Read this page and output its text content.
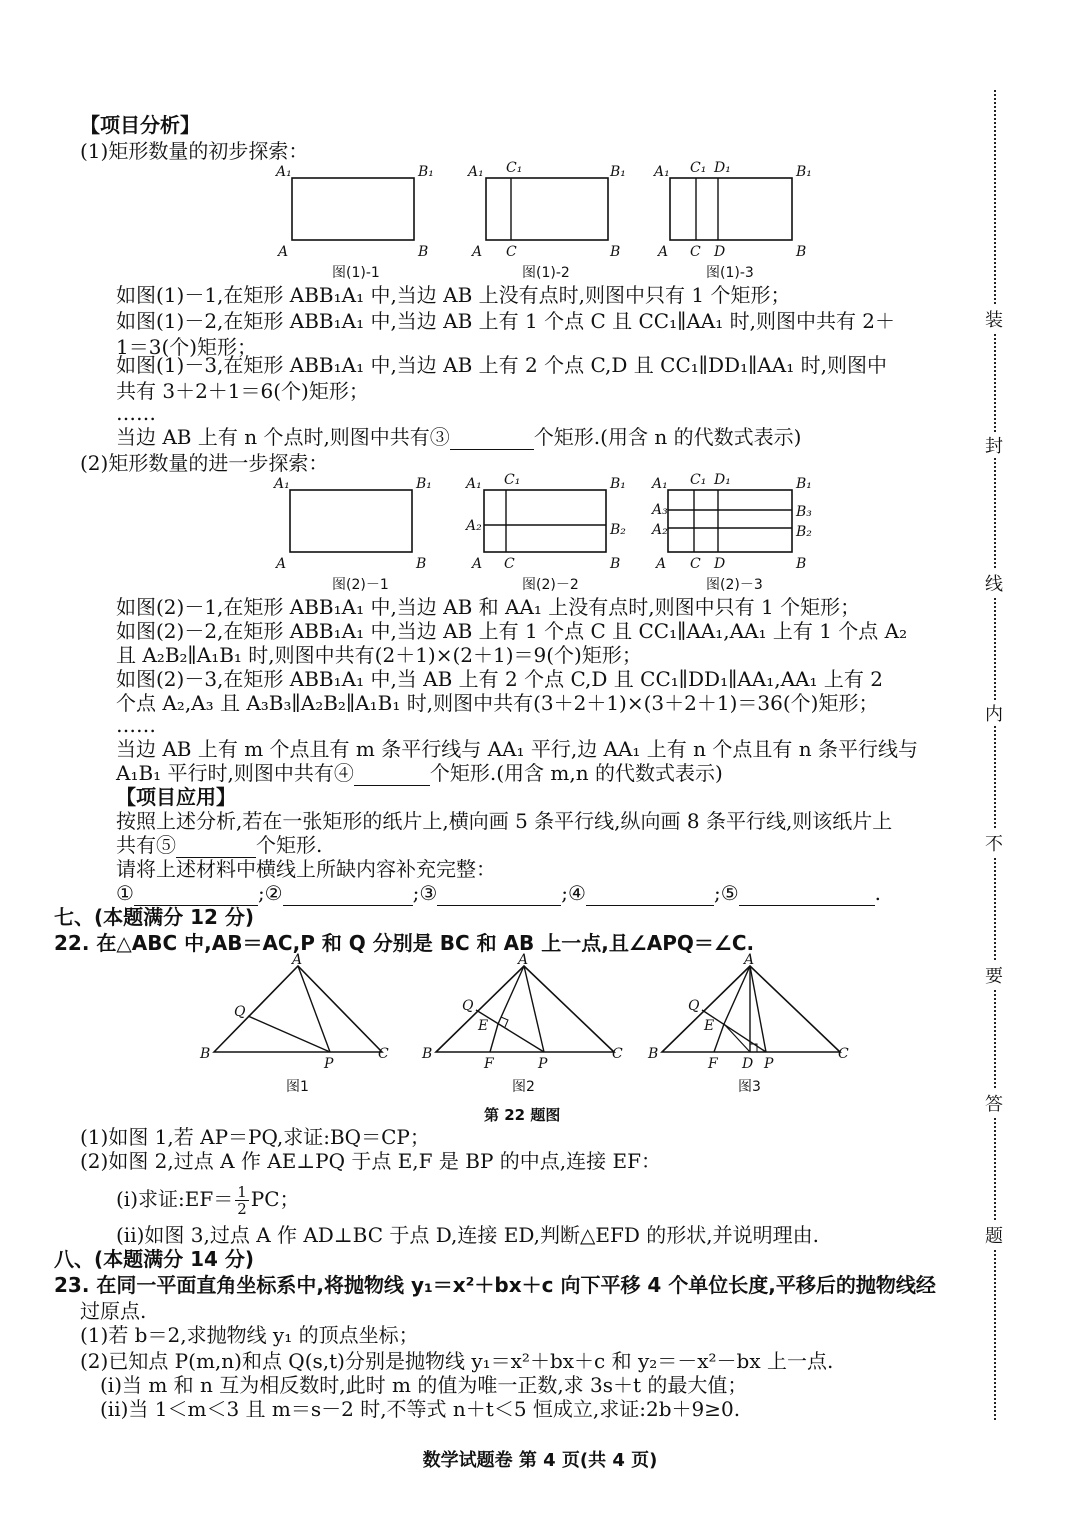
装
封
线
内
不
要
答
题
【项目分析】
(1)矩形数量的初步探索：
A₁	B₁
A	B
A₁ C₁	B₁
A C	B
A₁ C₁ D₁	B₁
A C D	B
图(1)-1	图(1)-2	图(1)-3
如图(1)－1,在矩形 ABB₁A₁ 中,当边 AB 上没有点时,则图中只有 1 个矩形；
如图(1)－2,在矩形 ABB₁A₁ 中,当边 AB 上有 1 个点 C 且 CC₁∥AA₁ 时,则图中共有 2＋
1＝3(个)矩形；
如图(1)－3,在矩形 ABB₁A₁ 中,当边 AB 上有 2 个点 C,D 且 CC₁∥DD₁∥AA₁ 时,则图中
共有 3＋2＋1＝6(个)矩形；
……
当边 AB 上有 n 个点时,则图中共有③	个矩形.(用含 n 的代数式表示)
(2)矩形数量的进一步探索：
A₁	B₁
A	B
A₁ C₁	B₁
A₂	B₂
A C	B
A₁ C₁ D₁	B₁
A₃
A₂
B₃
B₂
A C D	B
图(2)－1	图(2)－2	图(2)－3
如图(2)－1,在矩形 ABB₁A₁ 中,当边 AB 和 AA₁ 上没有点时,则图中只有 1 个矩形；
如图(2)－2,在矩形 ABB₁A₁ 中,当边 AB 上有 1 个点 C 且 CC₁∥AA₁,AA₁ 上有 1 个点 A₂
且 A₂B₂∥A₁B₁ 时,则图中共有(2＋1)×(2＋1)＝9(个)矩形；
如图(2)－3,在矩形 ABB₁A₁ 中,当 AB 上有 2 个点 C,D 且 CC₁∥DD₁∥AA₁,AA₁ 上有 2
个点 A₂,A₃ 且 A₃B₃∥A₂B₂∥A₁B₁ 时,则图中共有(3＋2＋1)×(3＋2＋1)＝36(个)矩形；
……
当边 AB 上有 m 个点且有 m 条平行线与 AA₁ 平行,边 AA₁ 上有 n 个点且有 n 条平行线与
A₁B₁ 平行时,则图中共有④	个矩形.(用含 m,n 的代数式表示)
【项目应用】
按照上述分析,若在一张矩形的纸片上,横向画 5 条平行线,纵向画 8 条平行线,则该纸片上
共有⑤	个矩形.
请将上述材料中横线上所缺内容补充完整：
①	;②	;③	;④	;⑤	.
七、(本题满分 12 分)
22. 在△ABC 中,AB＝AC,P 和 Q 分别是 BC 和 AB 上一点,且∠APQ＝∠C.
A
Q
B
P
C
A
Q
E
B
F	P
C
A
Q
E
B
F D P
C
图1	图2	图3
第 22 题图
(1)如图 1,若 AP＝PQ,求证:BQ＝CP；
(2)如图 2,过点 A 作 AE⊥PQ 于点 E,F 是 BP 的中点,连接 EF：
(i)求证:EF＝ $\frac{1}{2}$ PC；
(ii)如图 3,过点 A 作 AD⊥BC 于点 D,连接 ED,判断△EFD 的形状,并说明理由.
八、(本题满分 14 分)
23. 在同一平面直角坐标系中,将抛物线 y₁＝x²＋bx＋c 向下平移 4 个单位长度,平移后的抛物线经
过原点.
(1)若 b＝2,求抛物线 y₁ 的顶点坐标；
(2)已知点 P(m,n)和点 Q(s,t)分别是抛物线 y₁＝x²＋bx＋c 和 y₂＝－x²－bx 上一点.
(i)当 m 和 n 互为相反数时,此时 m 的值为唯一正数,求 3s＋t 的最大值；
(ii)当 1＜m＜3 且 m＝s－2 时,不等式 n＋t＜5 恒成立,求证:2b＋9≥0.
数学试题卷 第 4 页(共 4 页)
